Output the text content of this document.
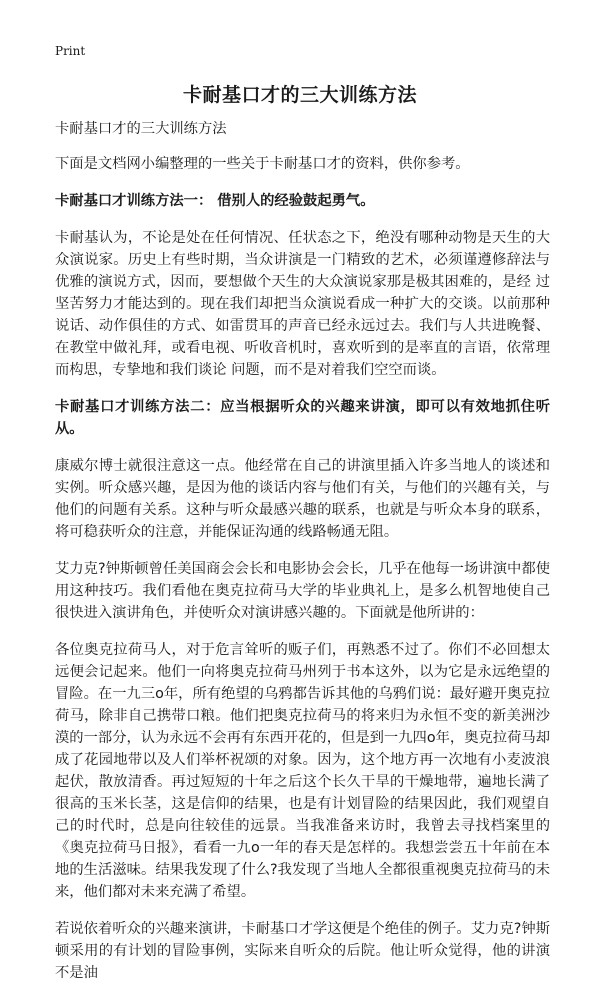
Print
卡耐基口才的三大训练方法

卡耐基口才的三大训练方法

下面是文档网小编整理的一些关于卡耐基口才的资料，供你参考。

卡耐基口才训练方法一： 借别人的经验鼓起勇气。

卡耐基认为，不论是处在任何情况、任状态之下，绝没有哪种动物是天生的大众演说家。历史上有些时期，当众讲演是一门精致的艺术，必须谨遵修辞法与优雅的演说方式，因而，要想做个天生的大众演说家那是极其困难的，是经 过坚苦努力才能达到的。现在我们却把当众演说看成一种扩大的交谈。以前那种说话、动作俱佳的方式、如雷贯耳的声音已经永远过去。我们与人共进晚餐、在教堂中做礼拜，或看电视、听收音机时，喜欢听到的是率直的言语，依常理而构思，专挚地和我们谈论 问题，而不是对着我们空空而谈。

卡耐基口才训练方法二：应当根据听众的兴趣来讲演，即可以有效地抓住听从。

康威尔博士就很注意这一点。他经常在自己的讲演里插入许多当地人的谈述和实例。听众感兴趣，是因为他的谈话内容与他们有关，与他们的兴趣有关，与他们的问题有关系。这种与听众最感兴趣的联系，也就是与听众本身的联系，将可稳获听众的注意，并能保证沟通的线路畅通无阻。

艾力克?钟斯顿曾任美国商会会长和电影协会会长，几乎在他每一场讲演中都使用这种技巧。我们看他在奥克拉荷马大学的毕业典礼上，是多么机智地使自己很快进入演讲角色，并使听众对演讲感兴趣的。下面就是他所讲的：

各位奥克拉荷马人，对于危言耸听的贩子们，再熟悉不过了。你们不必回想太远便会记起来。他们一向将奥克拉荷马州列于书本这外，以为它是永远绝望的冒险。在一九三o年，所有绝望的乌鸦都告诉其他的乌鸦们说：最好避开奥克拉荷马，除非自己携带口粮。他们把奥克拉荷马的将来归为永恒不变的新美洲沙漠的一部分，认为永远不会再有东西开花的，但是到一九四o年，奥克拉荷马却成了花园地带以及人们举杯祝颂的对象。因为，这个地方再一次地有小麦波浪起伏，散放清香。再过短短的十年之后这个长久干旱的干燥地带，遍地长满了很高的玉米长茎，这是信仰的结果，也是有计划冒险的结果因此，我们观望自己的时代时，总是向往较佳的远景。当我准备来访时，我曾去寻找档案里的《奥克拉荷马日报》，看看一九o一年的春天是怎样的。我想尝尝五十年前在本地的生活滋味。结果我发现了什么?我发现了当地人全都很重视奥克拉荷马的未来，他们都对未来充满了希望。

若说依着听众的兴趣来演讲，卡耐基口才学这便是个绝佳的例子。艾力克?钟斯顿采用的有计划的冒险事例，实际来自听众的后院。他让听众觉得，他的讲演不是油
